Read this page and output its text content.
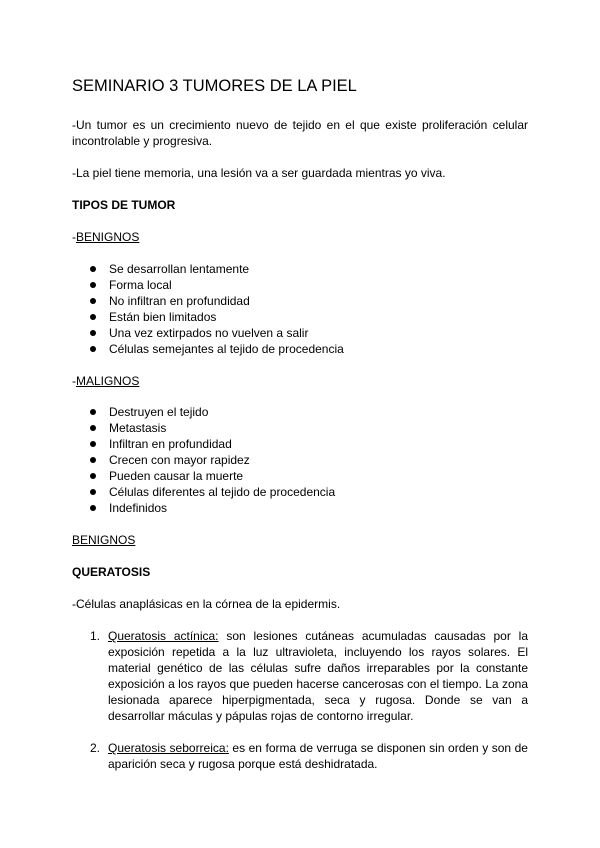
SEMINARIO 3 TUMORES DE LA PIEL

-Un tumor es un crecimiento nuevo de tejido en el que existe proliferación celular incontrolable y progresiva.

-La piel tiene memoria, una lesión va a ser guardada mientras yo viva.

TIPOS DE TUMOR

-BENIGNOS

Se desarrollan lentamente
Forma local
No infiltran en profundidad
Están bien limitados
Una vez extirpados no vuelven a salir
Células semejantes al tejido de procedencia

-MALIGNOS

Destruyen el tejido
Metastasis
Infiltran en profundidad
Crecen con mayor rapidez
Pueden causar la muerte
Células diferentes al tejido de procedencia
Indefinidos

BENIGNOS

QUERATOSIS

-Células anaplásicas en la córnea de la epidermis.

1. Queratosis actínica: son lesiones cutáneas acumuladas causadas por la exposición repetida a la luz ultravioleta, incluyendo los rayos solares. El material genético de las células sufre daños irreparables por la constante exposición a los rayos que pueden hacerse cancerosas con el tiempo. La zona lesionada aparece hiperpigmentada, seca y rugosa. Donde se van a desarrollar máculas y pápulas rojas de contorno irregular.
2. Queratosis seborreica: es en forma de verruga se disponen sin orden y son de aparición seca y rugosa porque está deshidratada.
